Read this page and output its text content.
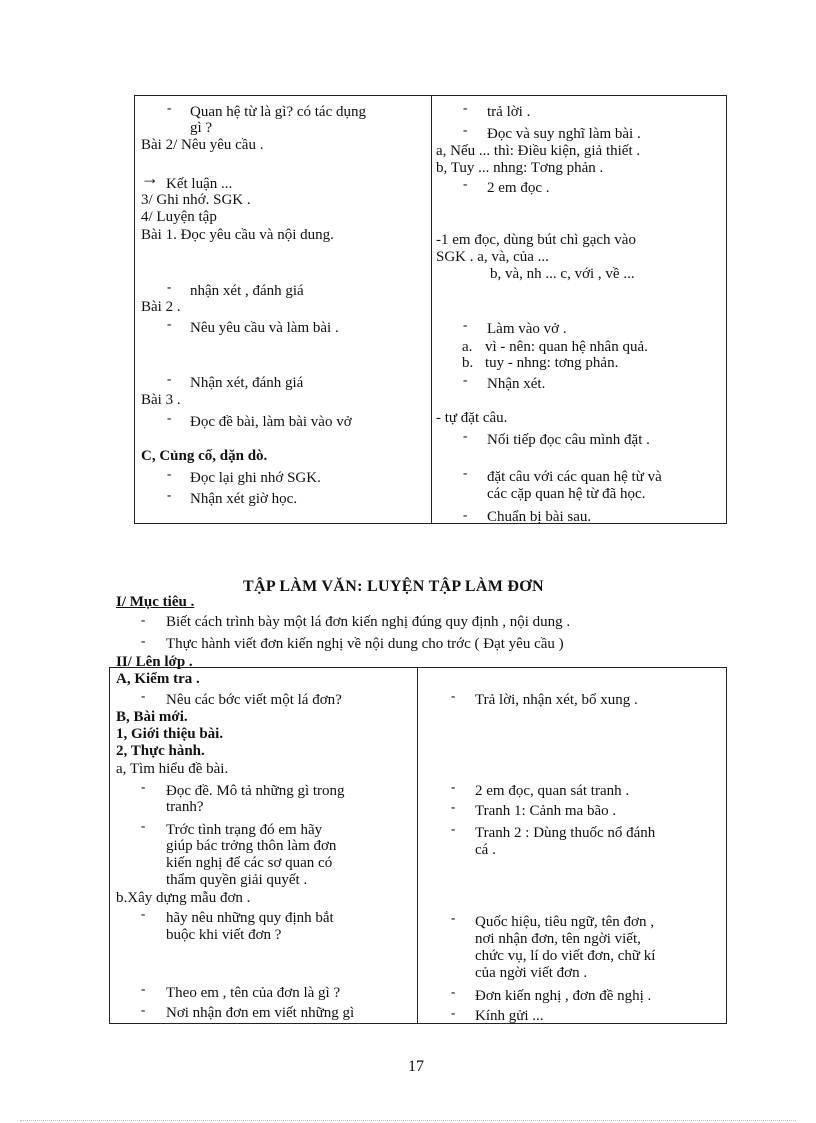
- Quan hệ từ là gì? có tác dụng
gì ?
Bài 2/ Nêu yêu cầu .
→ Kết luận ...
3/ Ghi nhớ. SGK .
4/ Luyện tập
Bài 1. Đọc yêu cầu và nội dung.
- nhận xét , đánh giá
Bài 2 .
- Nêu yêu cầu và làm bài .
- Nhận xét, đánh giá
Bài 3 .
- Đọc đề bài, làm bài vào vở
C, Củng cố, dặn dò.
- Đọc lại ghi nhớ SGK.
- Nhận xét giờ học.
- trả lời .
- Đọc và suy nghĩ làm bài .
a, Nếu ... thì: Điều kiện, giả thiết .
b, Tuy ... nhng: Tơng phản .
- 2 em đọc .
-1 em đọc, dùng bút chì gạch vào
SGK . a, và, của ...
b, và, nh ... c, với , về ...
- Làm vào vở .
a. vì - nên: quan hệ nhân quả.
b. tuy - nhng: tơng phản.
- Nhận xét.
- tự đặt câu.
- Nối tiếp đọc câu mình đặt .
- đặt câu với các quan hệ từ và
các cặp quan hệ từ đã học.
- Chuẩn bị bài sau.
TẬP LÀM VĂN: LUYỆN TẬP LÀM ĐƠN
I/ Mục tiêu .
- Biết cách trình bày một lá đơn kiến nghị đúng quy định , nội dung .
- Thực hành viết đơn kiến nghị về nội dung cho trớc ( Đạt yêu cầu )
II/ Lên lớp .
A, Kiểm tra .
- Nêu các bớc viết một lá đơn?
B, Bài mới.
1, Giới thiệu bài.
2, Thực hành.
a, Tìm hiểu đề bài.
- Đọc đề. Mô tả những gì trong
tranh?
- Trớc tình trạng đó em hãy
giúp bác trởng thôn làm đơn
kiến nghị để các sơ quan có
thẩm quyền giải quyết .
b.Xây dựng mẫu đơn .
- hãy nêu những quy định bắt
buộc khi viết đơn ?
- Theo em , tên của đơn là gì ?
- Nơi nhận đơn em viết những gì
- Trả lời, nhận xét, bổ xung .
- 2 em đọc, quan sát tranh .
- Tranh 1: Cảnh ma bão .
- Tranh 2 : Dùng thuốc nổ đánh
cá .
- Quốc hiệu, tiêu ngữ, tên đơn ,
nơi nhận đơn, tên ngời viết,
chức vụ, lí do viết đơn, chữ kí
của ngời viết đơn .
- Đơn kiến nghị , đơn đề nghị .
- Kính gửi ...
17
